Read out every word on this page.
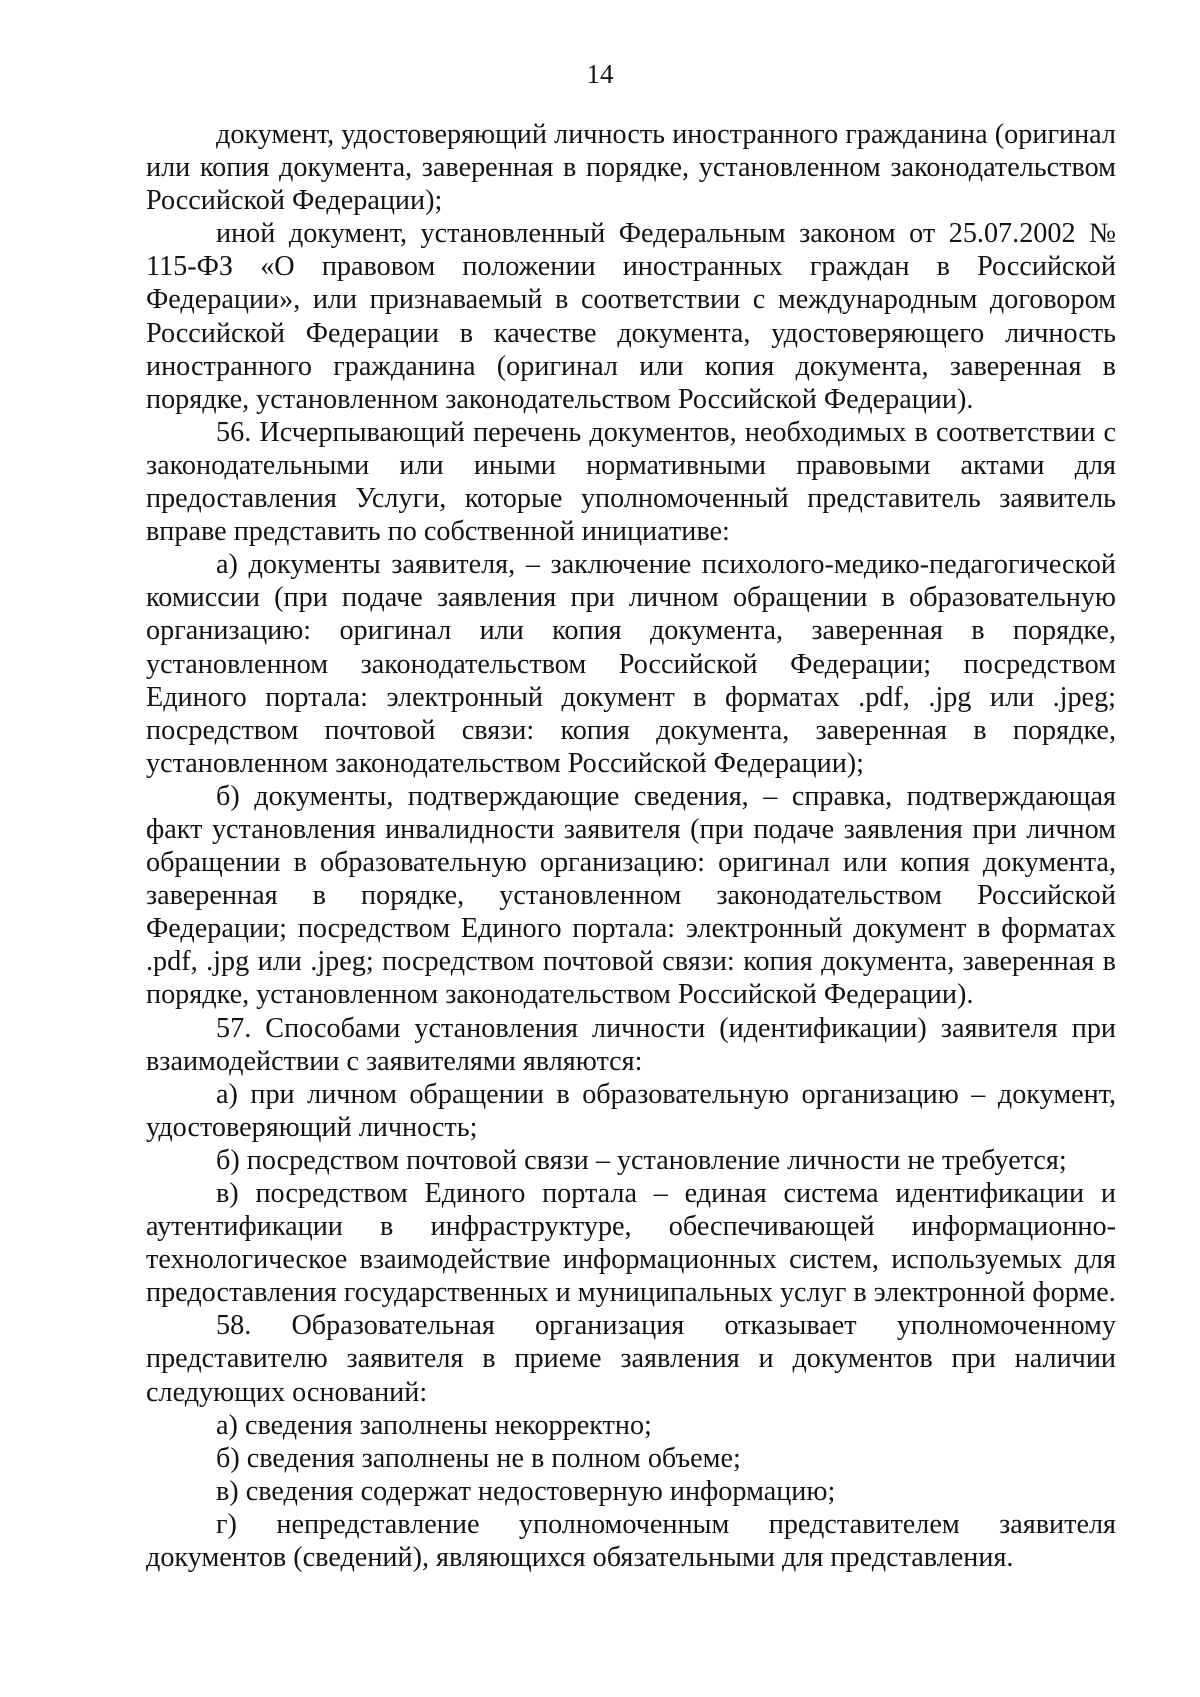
14

документ, удостоверяющий личность иностранного гражданина (оригинал или копия документа, заверенная в порядке, установленном законодательством Российской Федерации);

иной документ, установленный Федеральным законом от 25.07.2002 № 115-ФЗ «О правовом положении иностранных граждан в Российской Федерации», или признаваемый в соответствии с международным договором Российской Федерации в качестве документа, удостоверяющего личность иностранного гражданина (оригинал или копия документа, заверенная в порядке, установленном законодательством Российской Федерации).

56. Исчерпывающий перечень документов, необходимых в соответствии с законодательными или иными нормативными правовыми актами для предоставления Услуги, которые уполномоченный представитель заявитель вправе представить по собственной инициативе:

а) документы заявителя, – заключение психолого-медико-педагогической комиссии (при подаче заявления при личном обращении в образовательную организацию: оригинал или копия документа, заверенная в порядке, установленном законодательством Российской Федерации; посредством Единого портала: электронный документ в форматах .pdf, .jpg или .jpeg; посредством почтовой связи: копия документа, заверенная в порядке, установленном законодательством Российской Федерации);

б) документы, подтверждающие сведения, – справка, подтверждающая факт установления инвалидности заявителя (при подаче заявления при личном обращении в образовательную организацию: оригинал или копия документа, заверенная в порядке, установленном законодательством Российской Федерации; посредством Единого портала: электронный документ в форматах .pdf, .jpg или .jpeg; посредством почтовой связи: копия документа, заверенная в порядке, установленном законодательством Российской Федерации).

57. Способами установления личности (идентификации) заявителя при взаимодействии с заявителями являются:

а) при личном обращении в образовательную организацию – документ, удостоверяющий личность;

б) посредством почтовой связи – установление личности не требуется;

в) посредством Единого портала – единая система идентификации и аутентификации в инфраструктуре, обеспечивающей информационно-технологическое взаимодействие информационных систем, используемых для предоставления государственных и муниципальных услуг в электронной форме.

58. Образовательная организация отказывает уполномоченному представителю заявителя в приеме заявления и документов при наличии следующих оснований:

а) сведения заполнены некорректно;

б) сведения заполнены не в полном объеме;

в) сведения содержат недостоверную информацию;

г) непредставление уполномоченным представителем заявителя документов (сведений), являющихся обязательными для представления.
